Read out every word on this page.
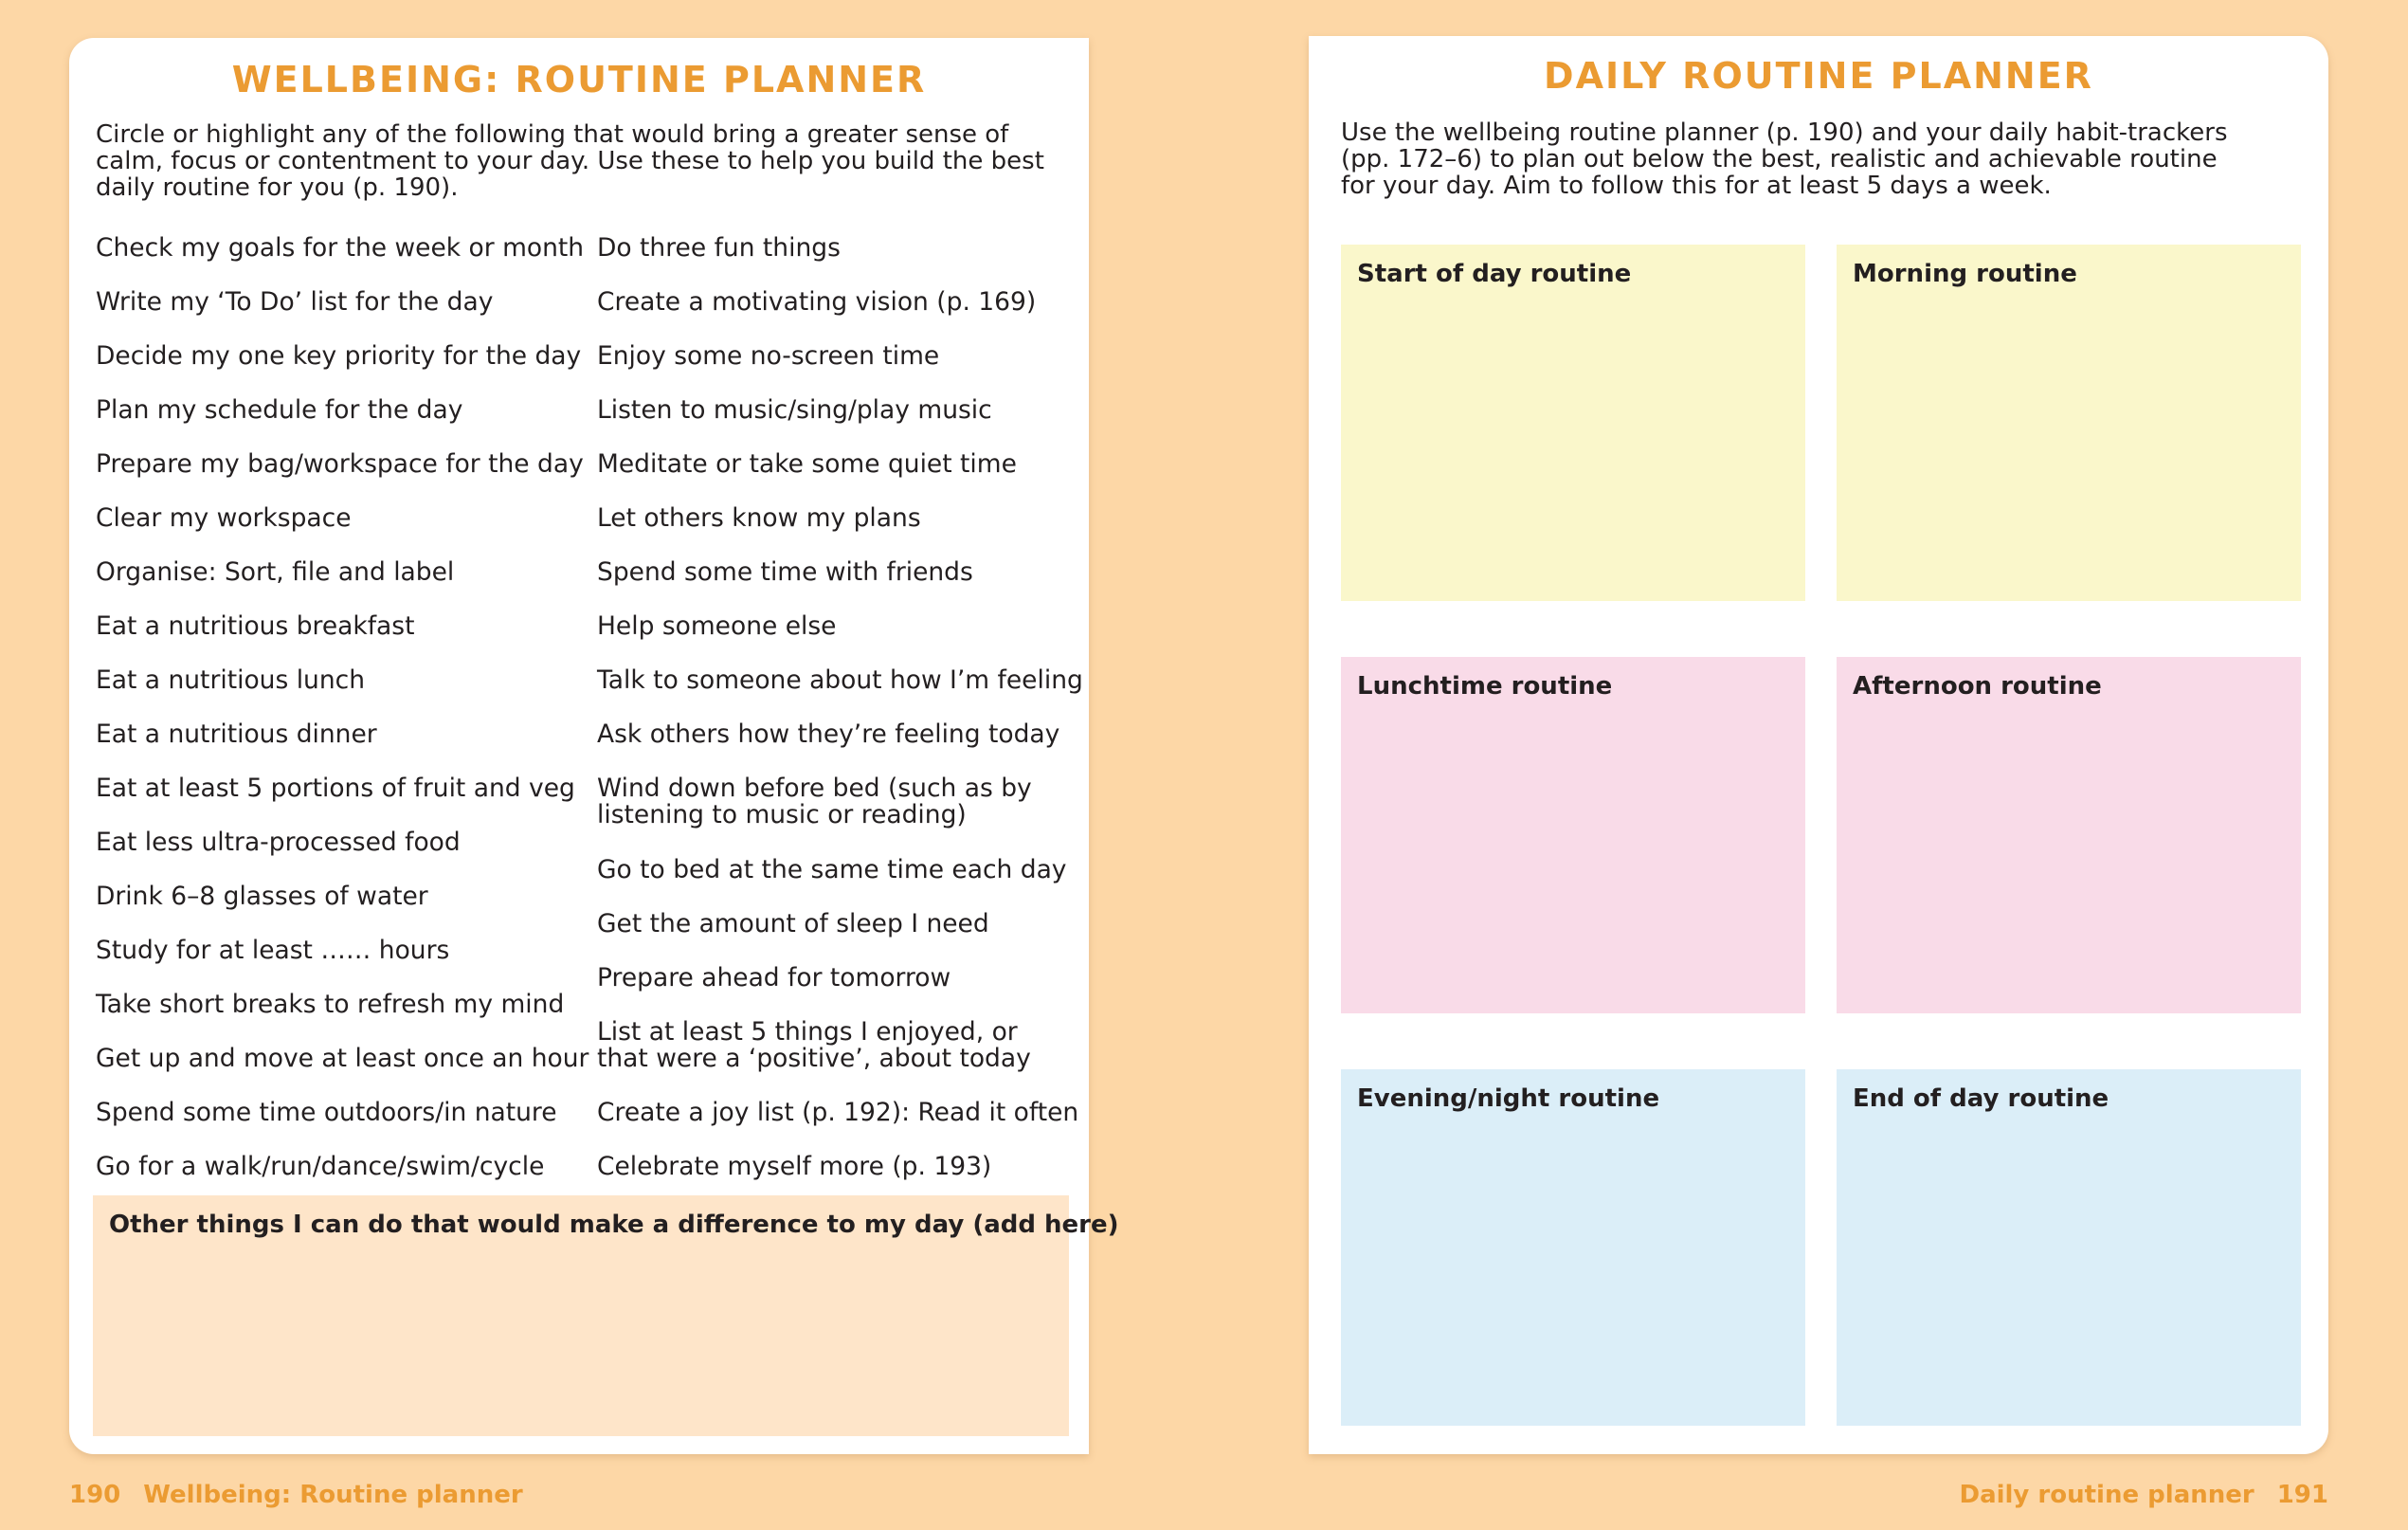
WELLBEING: ROUTINE PLANNER
Circle or highlight any of the following that would bring a greater sense of calm, focus or contentment to your day. Use these to help you build the best daily routine for you (p. 190).
Check my goals for the week or month
Write my ‘To Do’ list for the day
Decide my one key priority for the day
Plan my schedule for the day
Prepare my bag/workspace for the day
Clear my workspace
Organise: Sort, file and label
Eat a nutritious breakfast
Eat a nutritious lunch
Eat a nutritious dinner
Eat at least 5 portions of fruit and veg
Eat less ultra-processed food
Drink 6–8 glasses of water
Study for at least …… hours
Take short breaks to refresh my mind
Get up and move at least once an hour
Spend some time outdoors/in nature
Go for a walk/run/dance/swim/cycle
Do three fun things
Create a motivating vision (p. 169)
Enjoy some no-screen time
Listen to music/sing/play music
Meditate or take some quiet time
Let others know my plans
Spend some time with friends
Help someone else
Talk to someone about how I’m feeling
Ask others how they’re feeling today
Wind down before bed (such as by listening to music or reading)
Go to bed at the same time each day
Get the amount of sleep I need
Prepare ahead for tomorrow
List at least 5 things I enjoyed, or that were a ‘positive’, about today
Create a joy list (p. 192): Read it often
Celebrate myself more (p. 193)
Other things I can do that would make a difference to my day (add here)
DAILY ROUTINE PLANNER
Use the wellbeing routine planner (p. 190) and your daily habit-trackers (pp. 172–6) to plan out below the best, realistic and achievable routine for your day. Aim to follow this for at least 5 days a week.
Start of day routine	Morning routine
Lunchtime routine	Afternoon routine
Evening/night routine	End of day routine
190 Wellbeing: Routine planner	Daily routine planner 191
